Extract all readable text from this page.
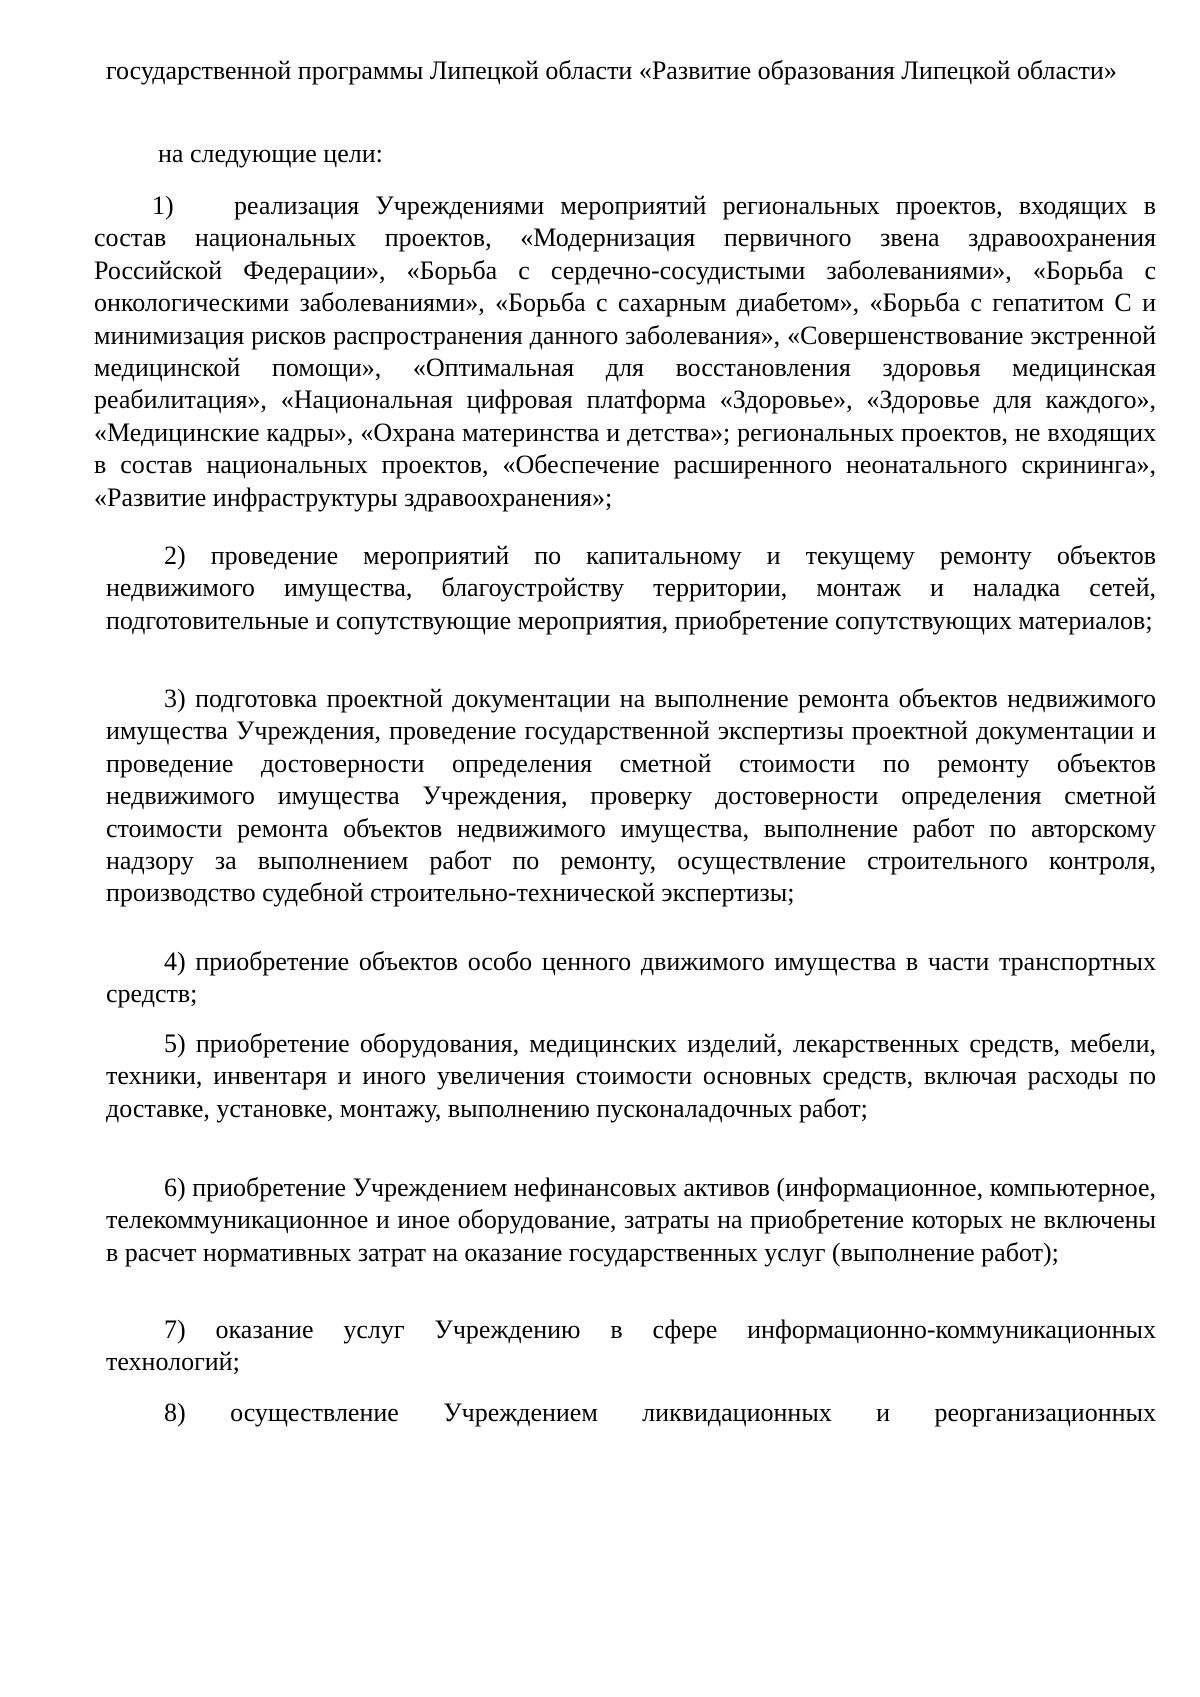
государственной программы Липецкой области «Развитие образования Липецкой области»

на следующие цели:

1) реализация Учреждениями мероприятий региональных проектов, входящих в состав национальных проектов, «Модернизация первичного звена здравоохранения Российской Федерации», «Борьба с сердечно-сосудистыми заболеваниями», «Борьба с онкологическими заболеваниями», «Борьба с сахарным диабетом», «Борьба с гепатитом С и минимизация рисков распространения данного заболевания», «Совершенствование экстренной медицинской помощи», «Оптимальная для восстановления здоровья медицинская реабилитация», «Национальная цифровая платформа «Здоровье», «Здоровье для каждого», «Медицинские кадры», «Охрана материнства и детства»; региональных проектов, не входящих в состав национальных проектов, «Обеспечение расширенного неонатального скрининга», «Развитие инфраструктуры здравоохранения»;

2) проведение мероприятий по капитальному и текущему ремонту объектов недвижимого имущества, благоустройству территории, монтаж и наладка сетей, подготовительные и сопутствующие мероприятия, приобретение сопутствующих материалов;

3) подготовка проектной документации на выполнение ремонта объектов недвижимого имущества Учреждения, проведение государственной экспертизы проектной документации и проведение достоверности определения сметной стоимости по ремонту объектов недвижимого имущества Учреждения, проверку достоверности определения сметной стоимости ремонта объектов недвижимого имущества, выполнение работ по авторскому надзору за выполнением работ по ремонту, осуществление строительного контроля, производство судебной строительно-технической экспертизы;

4) приобретение объектов особо ценного движимого имущества в части транспортных средств;

5) приобретение оборудования, медицинских изделий, лекарственных средств, мебели, техники, инвентаря и иного увеличения стоимости основных средств, включая расходы по доставке, установке, монтажу, выполнению пусконаладочных работ;

6) приобретение Учреждением нефинансовых активов (информационное, компьютерное, телекоммуникационное и иное оборудование, затраты на приобретение которых не включены в расчет нормативных затрат на оказание государственных услуг (выполнение работ);

7) оказание услуг Учреждению в сфере информационно-коммуникационных технологий;

8) осуществление Учреждением ликвидационных и реорганизационных
